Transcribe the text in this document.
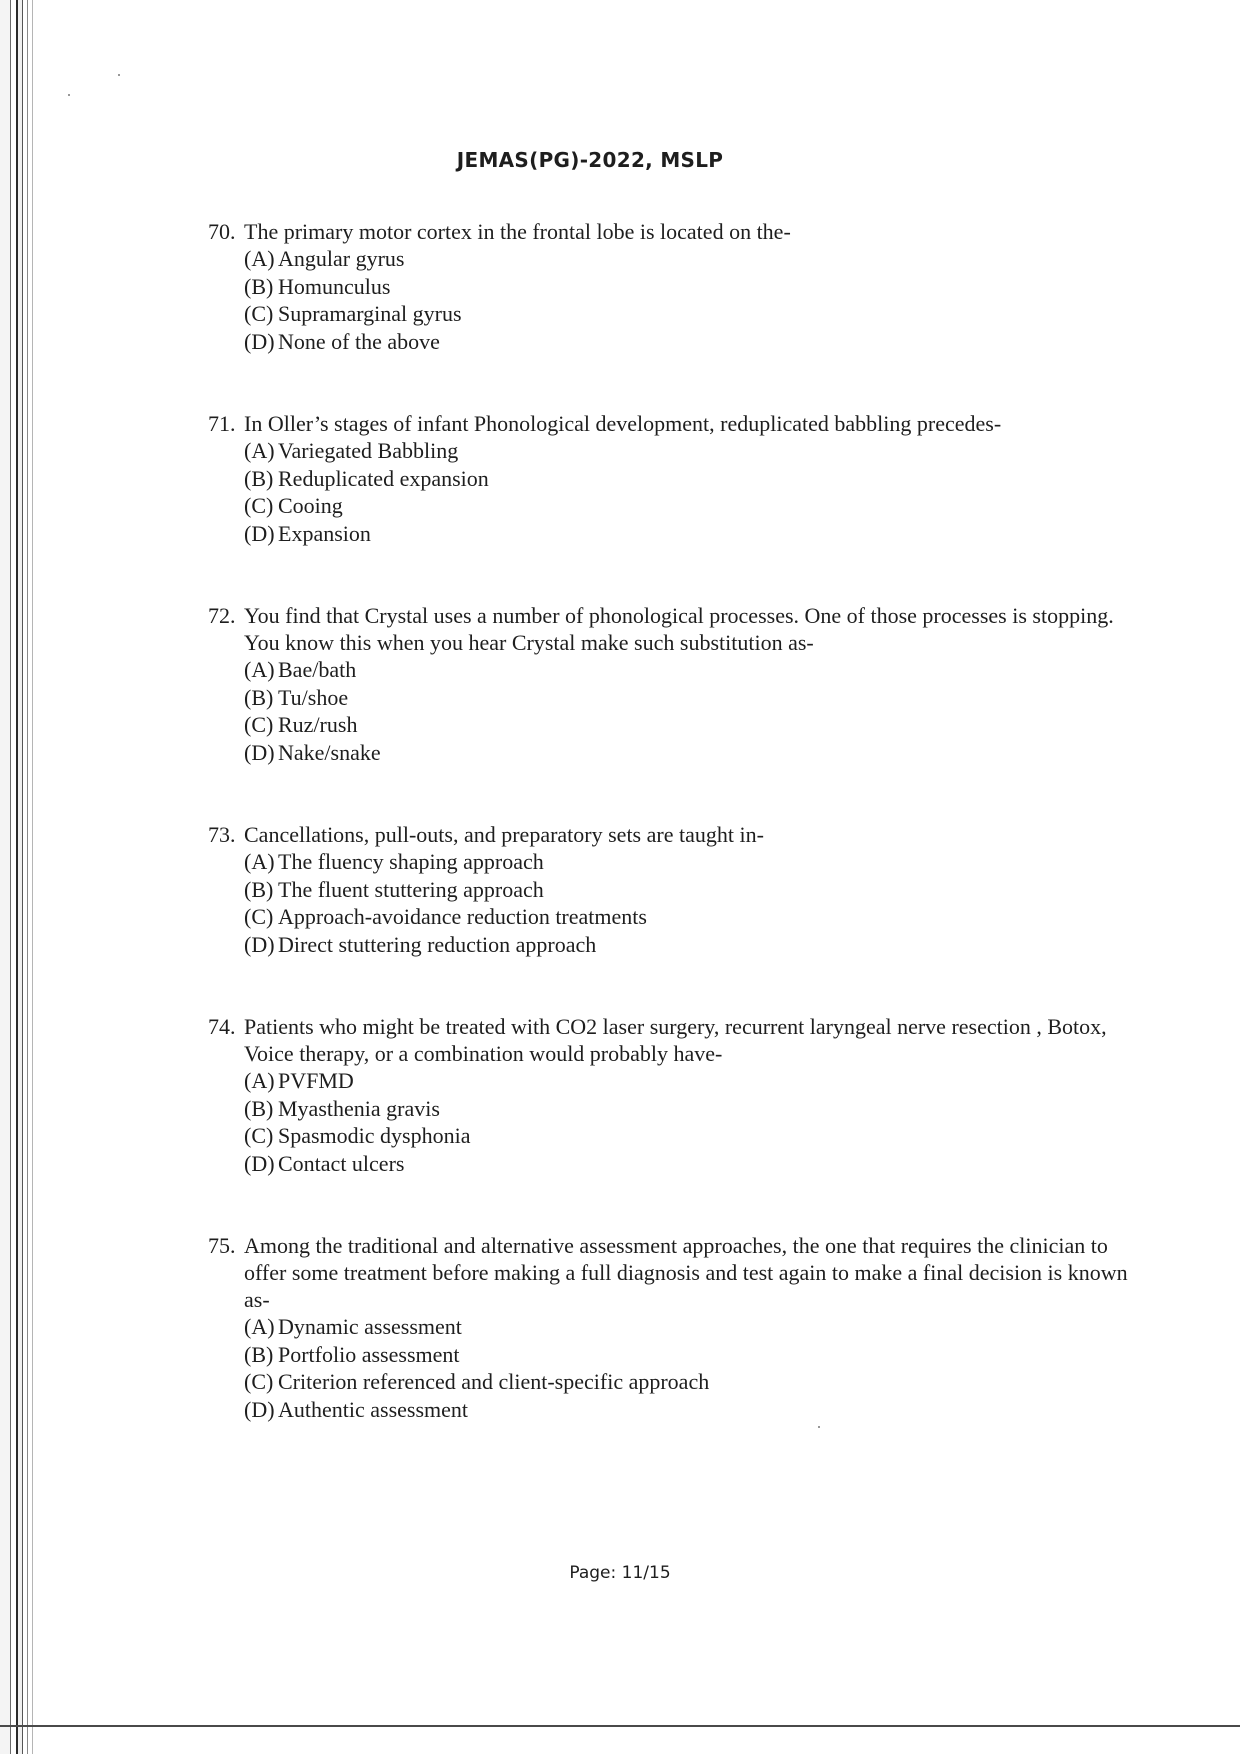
JEMAS(PG)-2022, MSLP
70. The primary motor cortex in the frontal lobe is located on the-
(A) Angular gyrus
(B) Homunculus
(C) Supramarginal gyrus
(D) None of the above
71. In Oller’s stages of infant Phonological development, reduplicated babbling precedes-
(A) Variegated Babbling
(B) Reduplicated expansion
(C) Cooing
(D) Expansion
72. You find that Crystal uses a number of phonological processes. One of those processes is stopping. You know this when you hear Crystal make such substitution as-
(A) Bae/bath
(B) Tu/shoe
(C) Ruz/rush
(D) Nake/snake
73. Cancellations, pull-outs, and preparatory sets are taught in-
(A) The fluency shaping approach
(B) The fluent stuttering approach
(C) Approach-avoidance reduction treatments
(D) Direct stuttering reduction approach
74. Patients who might be treated with CO2 laser surgery, recurrent laryngeal nerve resection , Botox, Voice therapy, or a combination would probably have-
(A) PVFMD
(B) Myasthenia gravis
(C) Spasmodic dysphonia
(D) Contact ulcers
75. Among the traditional and alternative assessment approaches, the one that requires the clinician to offer some treatment before making a full diagnosis and test again to make a final decision is known as-
(A) Dynamic assessment
(B) Portfolio assessment
(C) Criterion referenced and client-specific approach
(D) Authentic assessment
Page: 11/15
